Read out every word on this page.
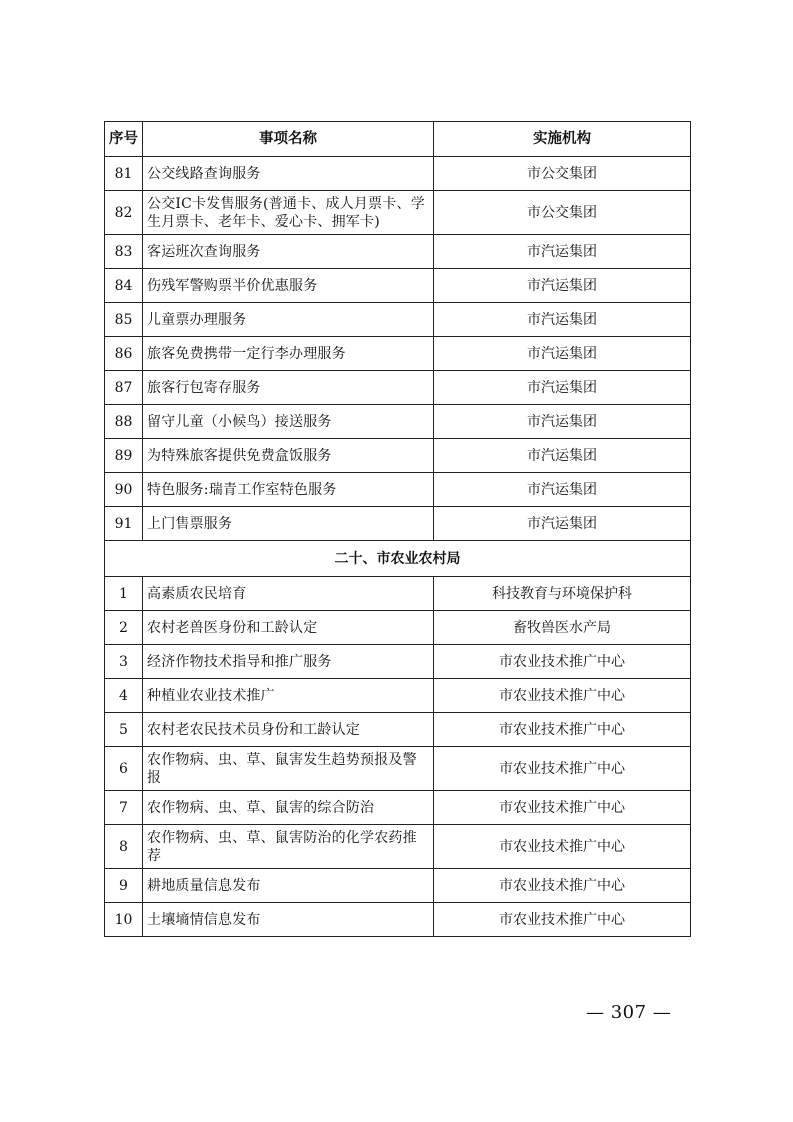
序号	事项名称	实施机构
81	公交线路查询服务	市公交集团
82	公交IC卡发售服务(普通卡、成人月票卡、学生月票卡、老年卡、爱心卡、拥军卡)	市公交集团
83	客运班次查询服务	市汽运集团
84	伤残军警购票半价优惠服务	市汽运集团
85	儿童票办理服务	市汽运集团
86	旅客免费携带一定行李办理服务	市汽运集团
87	旅客行包寄存服务	市汽运集团
88	留守儿童（小候鸟）接送服务	市汽运集团
89	为特殊旅客提供免费盒饭服务	市汽运集团
90	特色服务:瑞青工作室特色服务	市汽运集团
91	上门售票服务	市汽运集团
二十、市农业农村局		
1	高素质农民培育	科技教育与环境保护科
2	农村老兽医身份和工龄认定	畜牧兽医水产局
3	经济作物技术指导和推广服务	市农业技术推广中心
4	种植业农业技术推广	市农业技术推广中心
5	农村老农民技术员身份和工龄认定	市农业技术推广中心
6	农作物病、虫、草、鼠害发生趋势预报及警报	市农业技术推广中心
7	农作物病、虫、草、鼠害的综合防治	市农业技术推广中心
8	农作物病、虫、草、鼠害防治的化学农药推荐	市农业技术推广中心
9	耕地质量信息发布	市农业技术推广中心
10	土壤墒情信息发布	市农业技术推广中心
— 307 —
